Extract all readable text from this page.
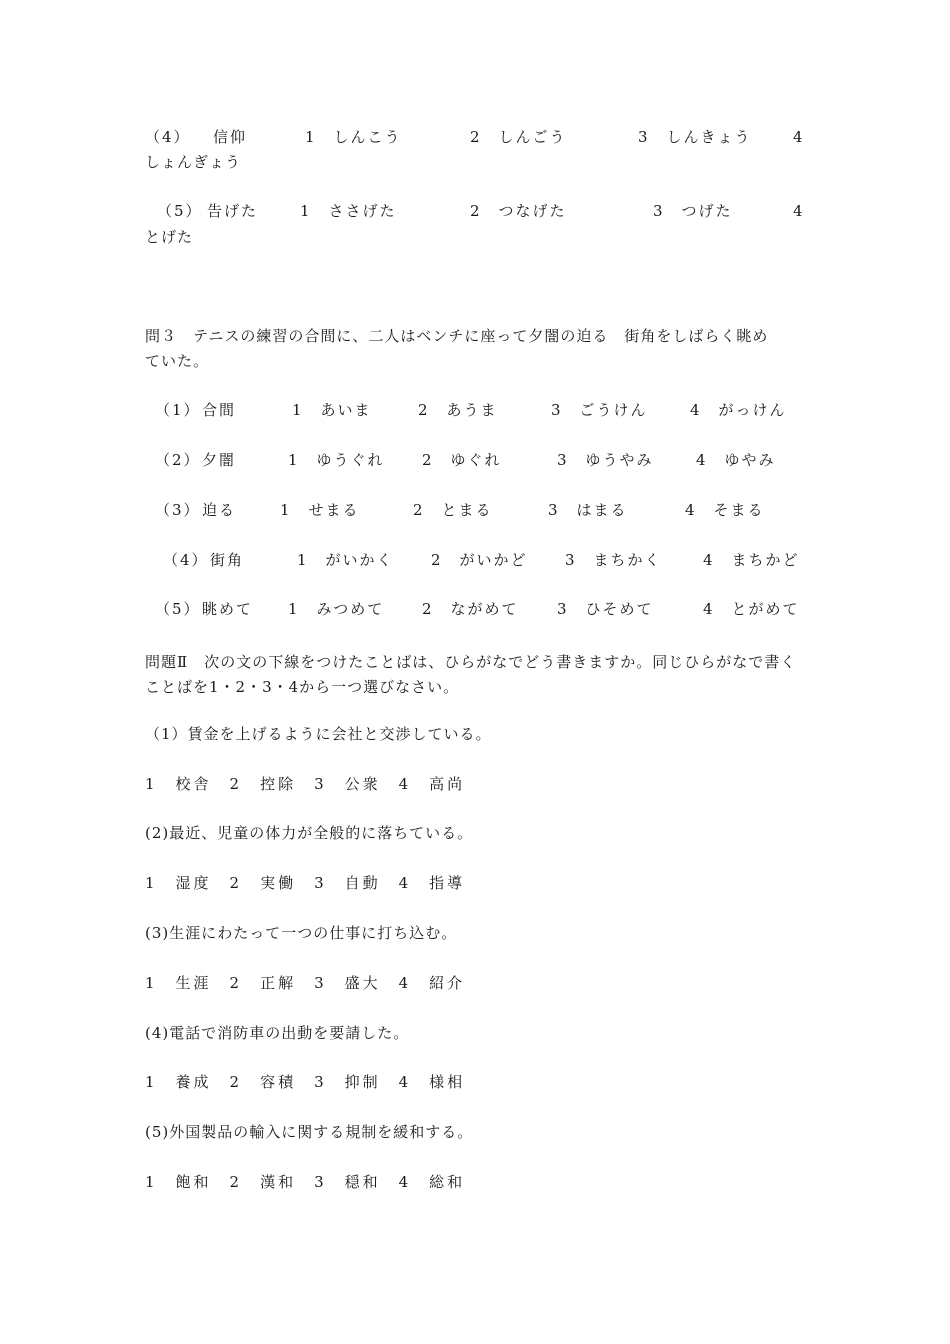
（4） 信仰	1　しんこう	2　しんごう	3　しんきょう	4
しょんぎょう
（5） 告げた	1　ささげた	2　つなげた	3　つげた	4
とげた
問３　テニスの練習の合間に、二人はベンチに座って夕闇の迫る　街角をしばらく眺め
ていた。
（1） 合間	1　あいま	2　あうま	3　ごうけん	4　がっけん
（2） 夕闇	1　ゆうぐれ 2　ゆぐれ	3　ゆうやみ	4　ゆやみ
（3） 迫る	1　せまる	2　とまる	3　はまる	4　そまる
（4） 街角	1　がいかく 2　がいかど 3　まちかく	4　まちかど
（5） 眺めて 1　みつめて	2　ながめて	3　ひそめて	4　とがめて
問題Ⅱ　次の文の下線をつけたことばは、ひらがなでどう書きますか。同じひらがなで書くことばを1・2・3・4から一つ選びなさい。
（1）賃金を上げるように会社と交渉している。
1　校舎　2　控除　3　公衆　4　高尚
(2)最近、児童の体力が全般的に落ちている。
1　湿度　2　実働　3　自動　4　指導
(3)生涯にわたって一つの仕事に打ち込む。
1　生涯　2　正解　3　盛大　4　紹介
(4)電話で消防車の出動を要請した。
1　養成　2　容積　3　抑制　4　様相
(5)外国製品の輸入に関する規制を緩和する。
1　飽和　2　漢和　3　穏和　4　総和
